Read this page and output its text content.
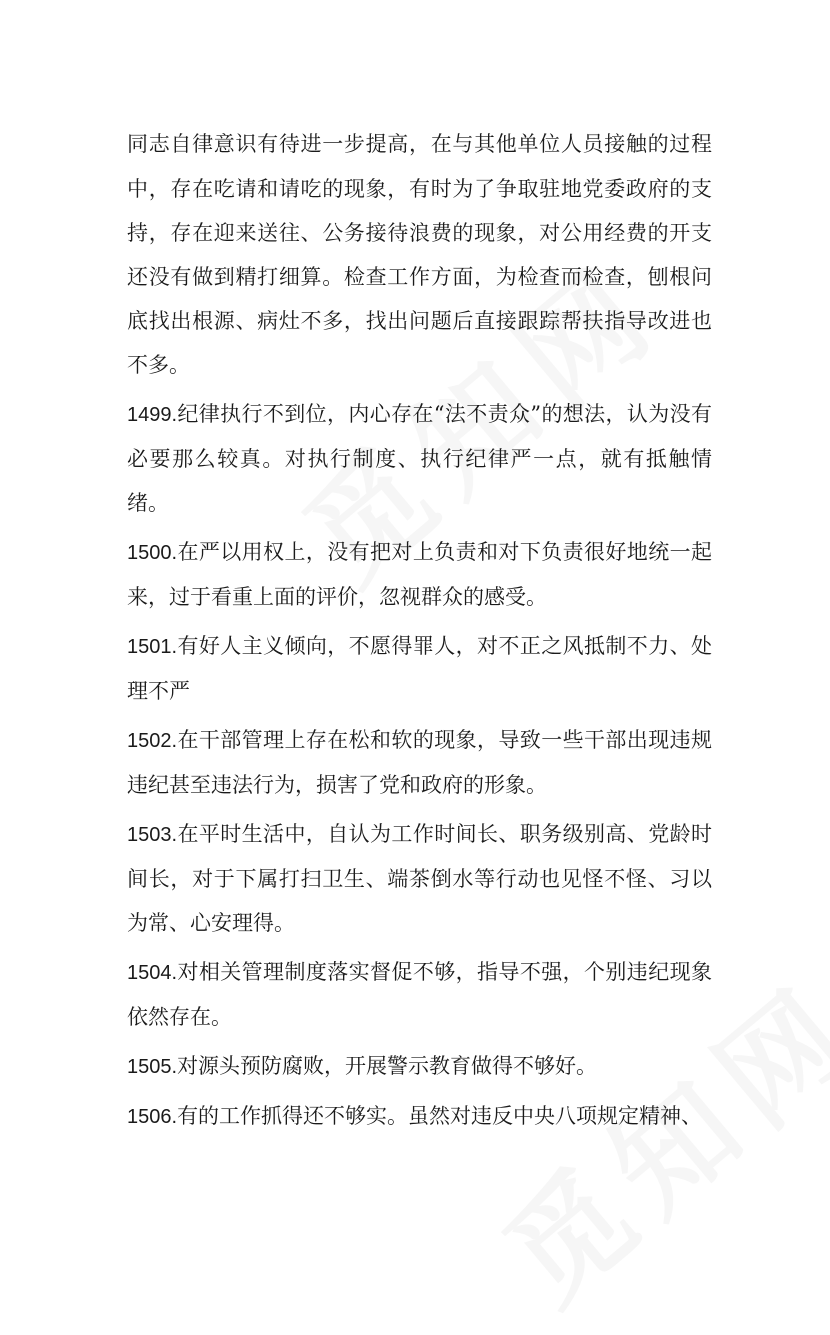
同志自律意识有待进一步提高，在与其他单位人员接触的过程中，存在吃请和请吃的现象，有时为了争取驻地党委政府的支持，存在迎来送往、公务接待浪费的现象，对公用经费的开支还没有做到精打细算。检查工作方面，为检查而检查，刨根问底找出根源、病灶不多，找出问题后直接跟踪帮扶指导改进也不多。

1499.纪律执行不到位，内心存在“法不责众”的想法，认为没有必要那么较真。对执行制度、执行纪律严一点，就有抵触情绪。

1500.在严以用权上，没有把对上负责和对下负责很好地统一起来，过于看重上面的评价，忽视群众的感受。

1501.有好人主义倾向，不愿得罪人，对不正之风抵制不力、处理不严

1502.在干部管理上存在松和软的现象，导致一些干部出现违规违纪甚至违法行为，损害了党和政府的形象。

1503.在平时生活中，自认为工作时间长、职务级别高、党龄时间长，对于下属打扫卫生、端茶倒水等行动也见怪不怪、习以为常、心安理得。

1504.对相关管理制度落实督促不够，指导不强，个别违纪现象依然存在。

1505.对源头预防腐败，开展警示教育做得不够好。

1506.有的工作抓得还不够实。虽然对违反中央八项规定精神、
